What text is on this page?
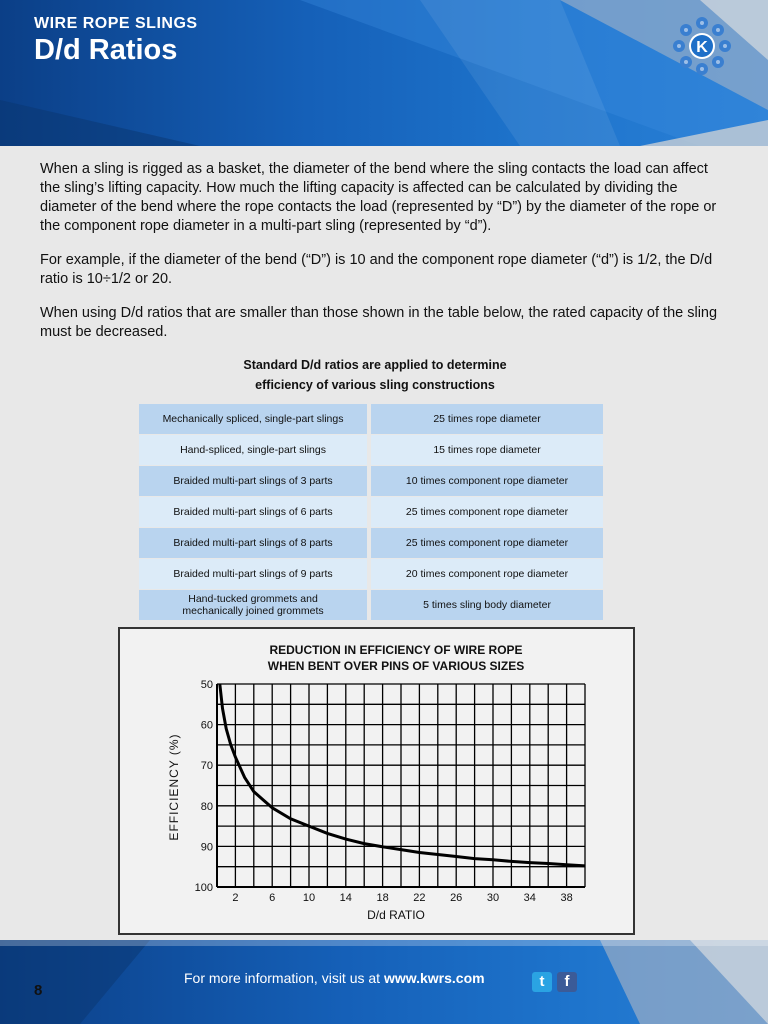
WIRE ROPE SLINGS
D/d Ratios	K

When a sling is rigged as a basket, the diameter of the bend where the sling contacts the load can affect the sling’s lifting capacity. How much the lifting capacity is affected can be calculated by dividing the diameter of the bend where the rope contacts the load (represented by “D”) by the diameter of the rope or the component rope diameter in a multi-part sling (represented by “d”).

For example, if the diameter of the bend (“D”) is 10 and the component rope diameter (“d”) is 1/2, the D/d ratio is 10÷1/2 or 20.

When using D/d ratios that are smaller than those shown in the table below, the rated capacity of the sling must be decreased.

Standard D/d ratios are applied to determine
efficiency of various sling constructions
Mechanically spliced, single-part slings	25 times rope diameter
Hand-spliced, single-part slings	15 times rope diameter
Braided multi-part slings of 3 parts	10 times component rope diameter
Braided multi-part slings of 6 parts	25 times component rope diameter
Braided multi-part slings of 8 parts	25 times component rope diameter
Braided multi-part slings of 9 parts	20 times component rope diameter

Hand-tucked grommets and
mechanically joined grommets	5 times sling body diameter
REDUCTION IN EFFICIENCY OF WIRE ROPE
WHEN BENT OVER PINS OF VARIOUS SIZES
2	6	10 14 18 22 26 30 34 38
50
60
70
80
90
100
D/d RATIO
EFFICIENCY (%)
8
For more information, visit us at www.kwrs.com	t	f
